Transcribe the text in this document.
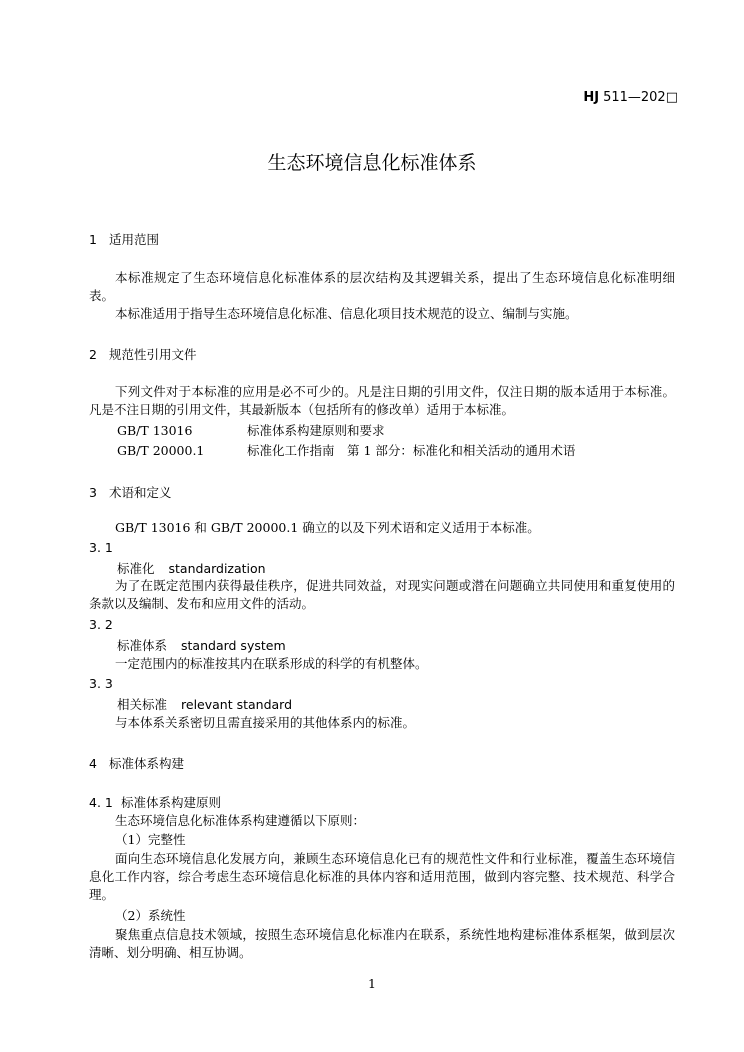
HJ 511—202□
生态环境信息化标准体系
1 适用范围
本标准规定了生态环境信息化标准体系的层次结构及其逻辑关系，提出了生态环境信息化标准明细表。
本标准适用于指导生态环境信息化标准、信息化项目技术规范的设立、编制与实施。
2 规范性引用文件
下列文件对于本标准的应用是必不可少的。凡是注日期的引用文件，仅注日期的版本适用于本标准。凡是不注日期的引用文件，其最新版本（包括所有的修改单）适用于本标准。
GB/T 13016	标准体系构建原则和要求
GB/T 20000.1	标准化工作指南　第 1 部分：标准化和相关活动的通用术语
3 术语和定义
GB/T 13016 和 GB/T 20000.1 确立的以及下列术语和定义适用于本标准。
3. 1
标准化 standardization
为了在既定范围内获得最佳秩序，促进共同效益，对现实问题或潜在问题确立共同使用和重复使用的条款以及编制、发布和应用文件的活动。
3. 2
标准体系 standard system
一定范围内的标准按其内在联系形成的科学的有机整体。
3. 3
相关标准 relevant standard
与本体系关系密切且需直接采用的其他体系内的标准。
4 标准体系构建
4. 1 标准体系构建原则
生态环境信息化标准体系构建遵循以下原则：
（1）完整性
面向生态环境信息化发展方向，兼顾生态环境信息化已有的规范性文件和行业标准，覆盖生态环境信息化工作内容，综合考虑生态环境信息化标准的具体内容和适用范围，做到内容完整、技术规范、科学合理。
（2）系统性
聚焦重点信息技术领域，按照生态环境信息化标准内在联系，系统性地构建标准体系框架，做到层次清晰、划分明确、相互协调。
1
